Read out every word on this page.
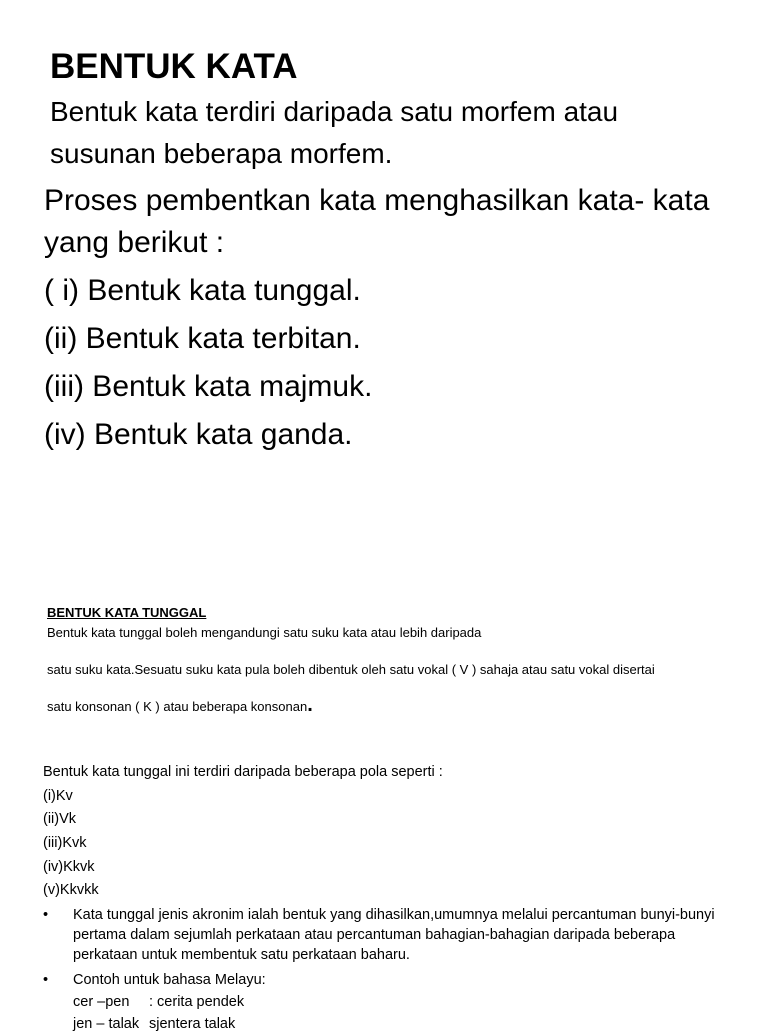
BENTUK KATA
Bentuk kata terdiri daripada satu morfem atau
susunan beberapa morfem.
Proses pembentkan kata menghasilkan kata- kata
yang berikut :
( i) Bentuk kata tunggal.
(ii) Bentuk kata terbitan.
(iii) Bentuk kata majmuk.
(iv) Bentuk kata ganda.
BENTUK KATA TUNGGAL
Bentuk kata tunggal boleh mengandungi satu suku kata atau lebih daripada
satu suku kata.Sesuatu suku kata pula boleh dibentuk oleh satu vokal ( V ) sahaja atau satu vokal disertai
satu konsonan ( K ) atau beberapa konsonan.
Bentuk kata tunggal ini terdiri daripada beberapa pola seperti :
(i)Kv
(ii)Vk
(iii)Kvk
(iv)Kkvk
(v)Kkvkk
•	Kata tunggal jenis akronim ialah bentuk yang dihasilkan,umumnya melalui percantuman bunyi-bunyi pertama dalam sejumlah perkataan atau percantuman bahagian-bahagian daripada beberapa perkataan untuk membentuk satu perkataan baharu.
•	Contoh untuk bahasa Melayu:
cer –pen : cerita pendek
jen – talak sjentera talak
